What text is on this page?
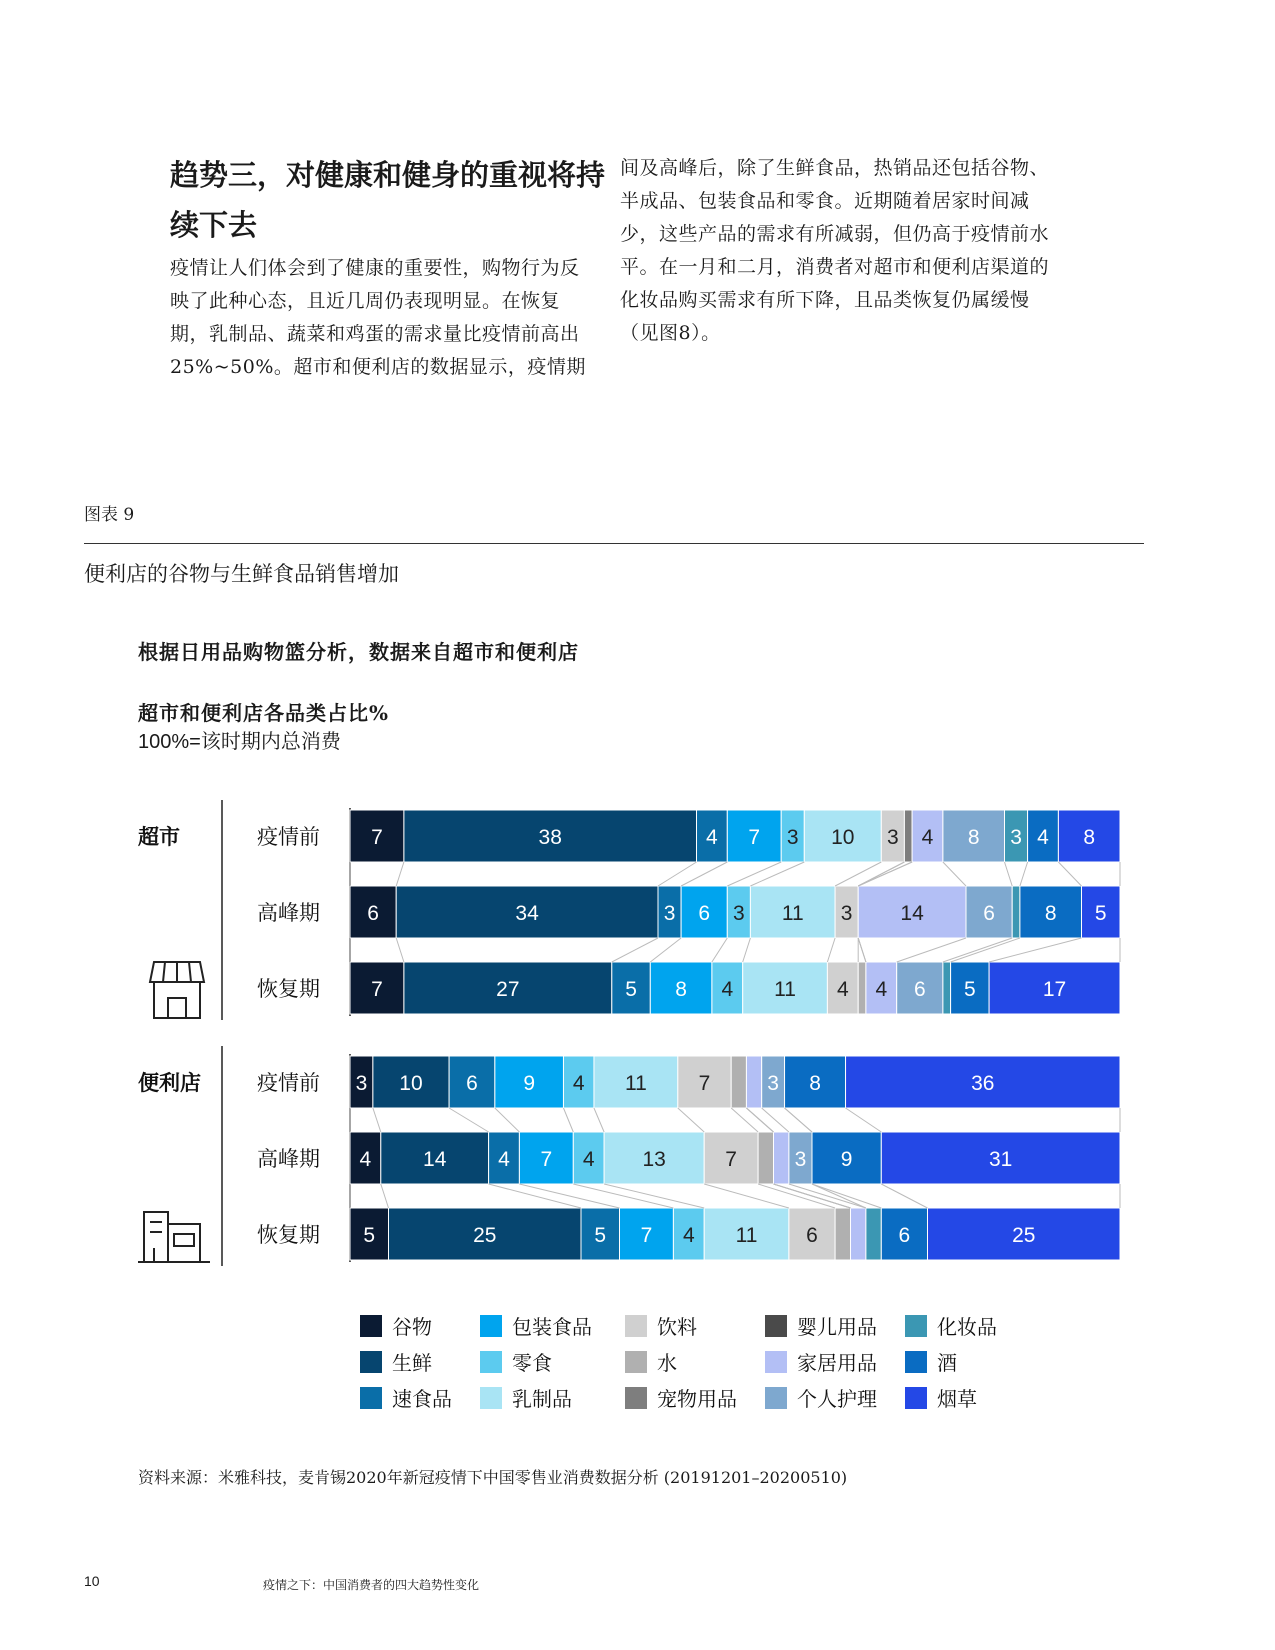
趋势三，对健康和健身的重视将持续下去
疫情让人们体会到了健康的重要性，购物行为反映了此种心态，且近几周仍表现明显。在恢复期，乳制品、蔬菜和鸡蛋的需求量比疫情前高出25%~50%。超市和便利店的数据显示，疫情期
间及高峰后，除了生鲜食品，热销品还包括谷物、半成品、包装食品和零食。近期随着居家时间减少，这些产品的需求有所减弱，但仍高于疫情前水平。在一月和二月，消费者对超市和便利店渠道的化妆品购买需求有所下降，且品类恢复仍属缓慢（见图8）。
图表 9
便利店的谷物与生鲜食品销售增加
根据日用品购物篮分析，数据来自超市和便利店
超市和便利店各品类占比%
100%=该时期内总消费
超市	疫情前 7	38	4 7 3 10 3 4 8 3 4 8
高峰期 6	34	3 6 3 11 3 14	6 8 5
恢复期 7	27	5 8 4 11 4 4 6 5	17
便利店	疫情前 3 10 6 9 4 11 7	3 8	36
高峰期 4 14 4 7 4 13	7	3 9	31
恢复期 5	25	5 7 4 11 6	6	25
谷物	包装食品	饮料	婴儿用品	化妆品
生鲜	零食	水	家居用品	酒
速食品	乳制品	宠物用品	个人护理	烟草
资料来源：米雅科技，麦肯锡2020年新冠疫情下中国零售业消费数据分析 (20191201–20200510)
10	疫情之下：中国消费者的四大趋势性变化
